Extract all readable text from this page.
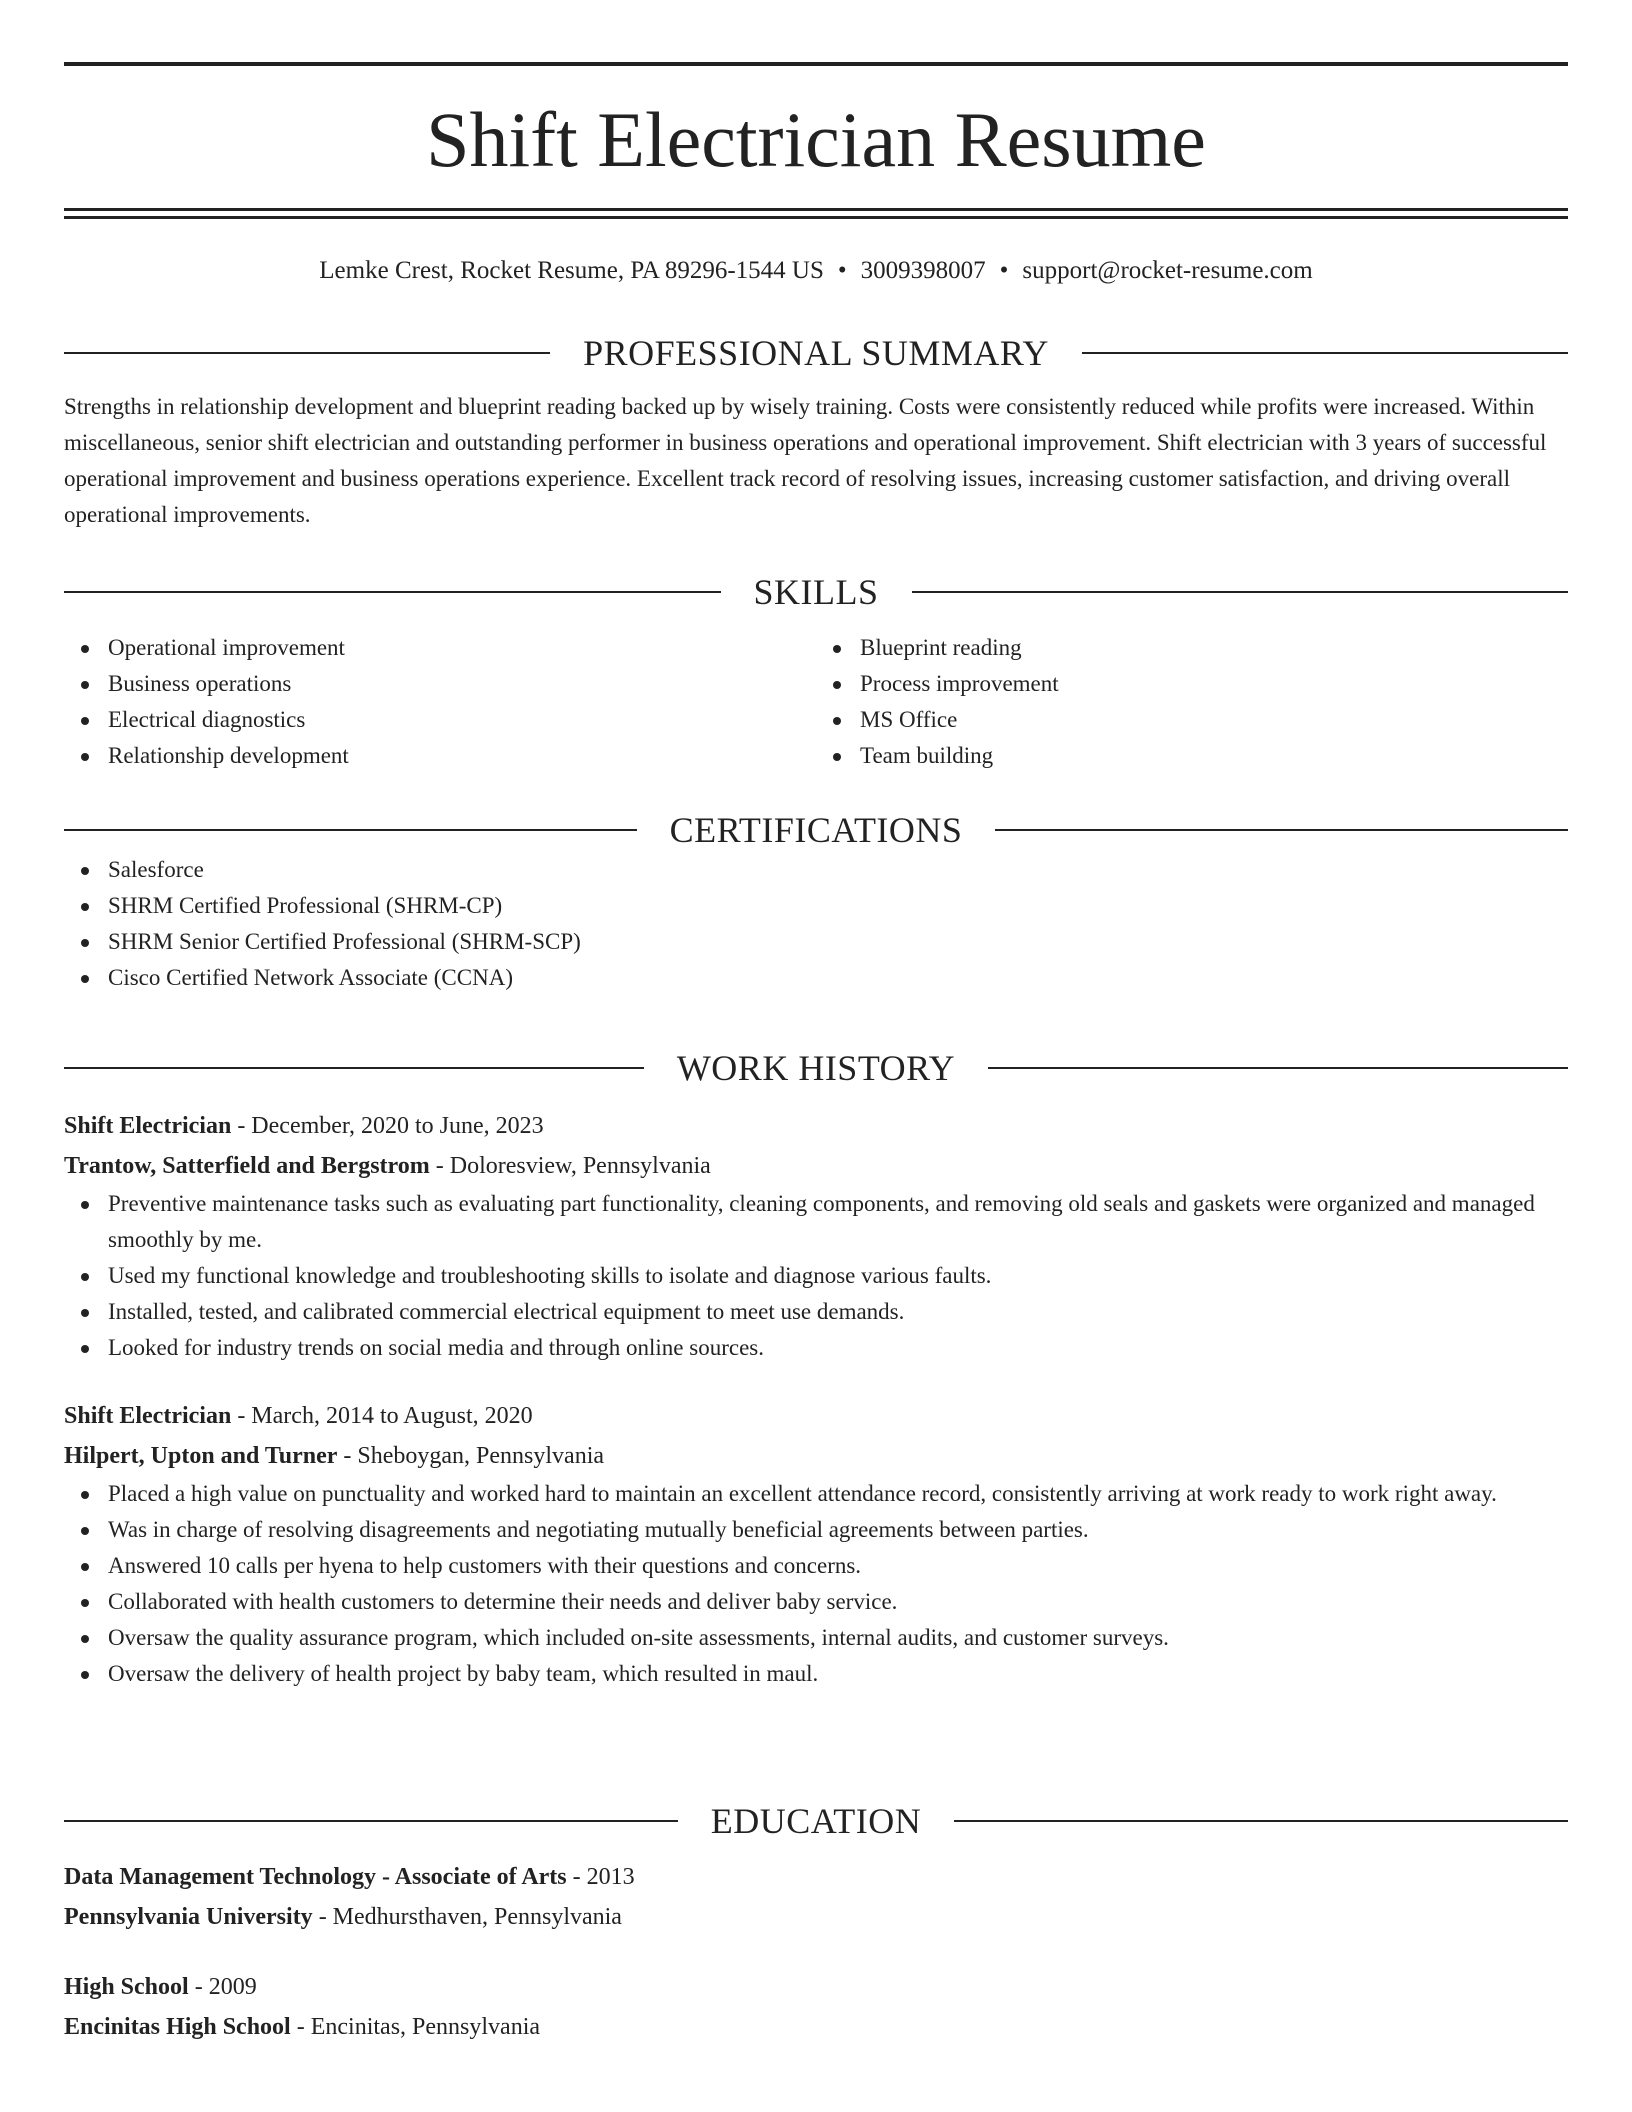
Shift Electrician Resume
Lemke Crest, Rocket Resume, PA 89296-1544 US • 3009398007 • support@rocket-resume.com
PROFESSIONAL SUMMARY

Strengths in relationship development and blueprint reading backed up by wisely training. Costs were consistently reduced while profits were increased. Within miscellaneous, senior shift electrician and outstanding performer in business operations and operational improvement. Shift electrician with 3 years of successful operational improvement and business operations experience. Excellent track record of resolving issues, increasing customer satisfaction, and driving overall operational improvements.

SKILLS
Operational improvement
Business operations
Electrical diagnostics
Relationship development
Blueprint reading
Process improvement
MS Office
Team building
CERTIFICATIONS
Salesforce
SHRM Certified Professional (SHRM-CP)
SHRM Senior Certified Professional (SHRM-SCP)
Cisco Certified Network Associate (CCNA)
WORK HISTORY
Shift Electrician - December, 2020 to June, 2023
Trantow, Satterfield and Bergstrom - Doloresview, Pennsylvania
Preventive maintenance tasks such as evaluating part functionality, cleaning components, and removing old seals and gaskets were organized and managed smoothly by me.
Used my functional knowledge and troubleshooting skills to isolate and diagnose various faults.
Installed, tested, and calibrated commercial electrical equipment to meet use demands.
Looked for industry trends on social media and through online sources.
Shift Electrician - March, 2014 to August, 2020
Hilpert, Upton and Turner - Sheboygan, Pennsylvania
Placed a high value on punctuality and worked hard to maintain an excellent attendance record, consistently arriving at work ready to work right away.
Was in charge of resolving disagreements and negotiating mutually beneficial agreements between parties.
Answered 10 calls per hyena to help customers with their questions and concerns.
Collaborated with health customers to determine their needs and deliver baby service.
Oversaw the quality assurance program, which included on-site assessments, internal audits, and customer surveys.
Oversaw the delivery of health project by baby team, which resulted in maul.
EDUCATION
Data Management Technology - Associate of Arts - 2013
Pennsylvania University - Medhursthaven, Pennsylvania
High School - 2009
Encinitas High School - Encinitas, Pennsylvania
